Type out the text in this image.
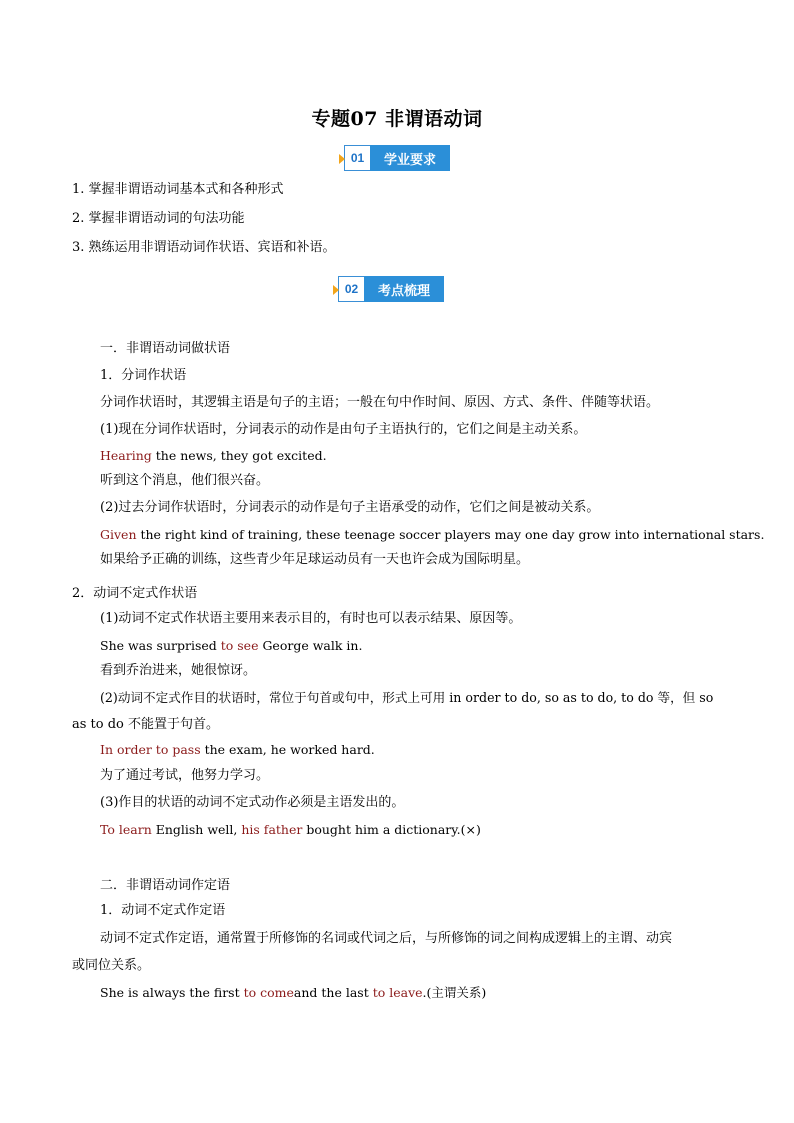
专题07 非谓语动词
01	学业要求
1. 掌握非谓语动词基本式和各种形式
2. 掌握非谓语动词的句法功能
3. 熟练运用非谓语动词作状语、宾语和补语。
02	考点梳理
一．非谓语动词做状语
1．分词作状语
分词作状语时，其逻辑主语是句子的主语；一般在句中作时间、原因、方式、条件、伴随等状语。
(1)现在分词作状语时，分词表示的动作是由句子主语执行的，它们之间是主动关系。
Hearing the news, they got excited.
听到这个消息，他们很兴奋。
(2)过去分词作状语时，分词表示的动作是句子主语承受的动作，它们之间是被动关系。
Given the right kind of training, these teenage soccer players may one day grow into international stars.
如果给予正确的训练，这些青少年足球运动员有一天也许会成为国际明星。
2．动词不定式作状语
(1)动词不定式作状语主要用来表示目的，有时也可以表示结果、原因等。
She was surprised to see George walk in.
看到乔治进来，她很惊讶。
(2)动词不定式作目的状语时，常位于句首或句中，形式上可用 in order to do, so as to do, to do 等，但 so
as to do 不能置于句首。
In order to pass the exam, he worked hard.
为了通过考试，他努力学习。
(3)作目的状语的动词不定式动作必须是主语发出的。
To learn English well, his father bought him a dictionary.(×)
二．非谓语动词作定语
1．动词不定式作定语
动词不定式作定语，通常置于所修饰的名词或代词之后，与所修饰的词之间构成逻辑上的主谓、动宾
或同位关系。
She is always the first to comeand the last to leave.(主谓关系)
